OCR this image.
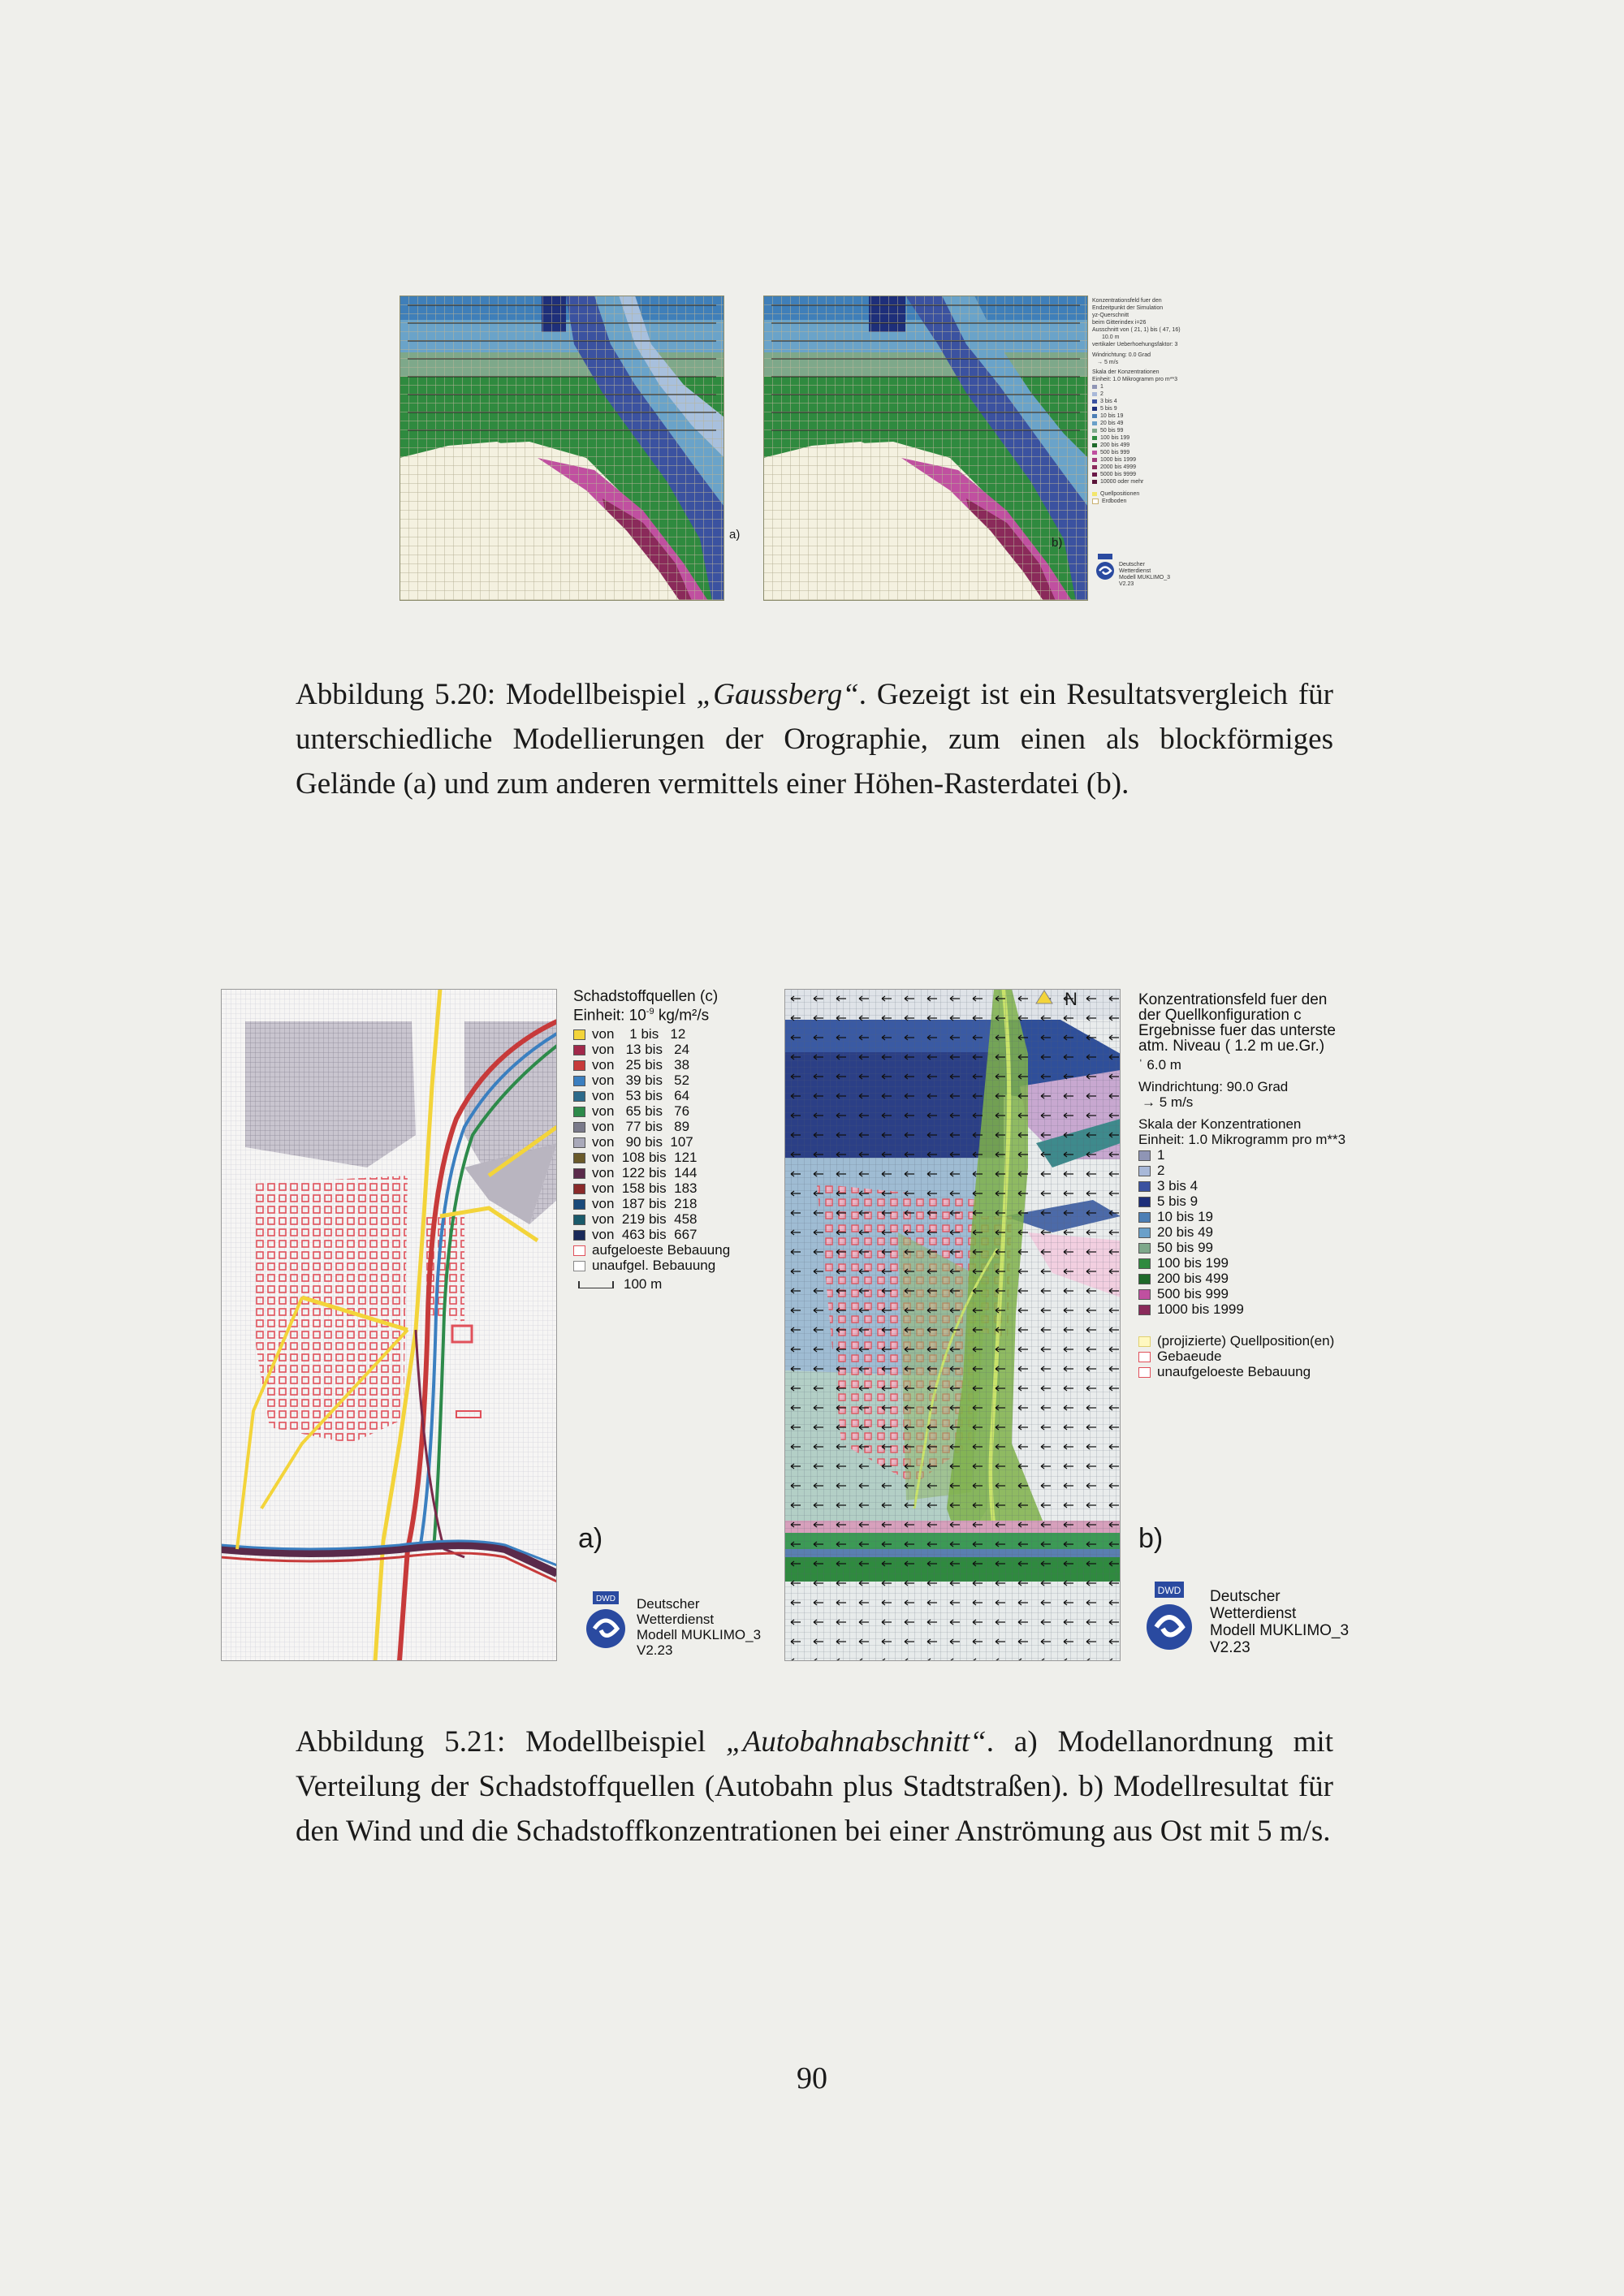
a)
b)
Konzentrationsfeld fuer den
Endzeitpunkt der Simulation
yz-Querschnitt
beim Gitterindex i=26
Ausschnitt von ( 21, 1) bis ( 47, 16)
10.0 m
vertikaler Ueberhoehungsfaktor: 3
Windrichtung: 0.0 Grad
→ 5 m/s
Skala der Konzentrationen
Einheit: 1.0 Mikrogramm pro m**3
1
2
3 bis 4
5 bis 9
10 bis 19
20 bis 49
50 bis 99
100 bis 199
200 bis 499
500 bis 999
1000 bis 1999
2000 bis 4999
5000 bis 9999
10000 oder mehr
Quellpositionen
Erdboden
Deutscher
Wetterdienst
Modell MUKLIMO_3
V2.23
Abbildung 5.20: Modellbeispiel „Gaussberg“. Gezeigt ist ein Resultatsvergleich für unterschiedliche Modellierungen der Orographie, zum einen als blockförmiges Gelände (a) und zum anderen vermittels einer Höhen-Rasterdatei (b).
Schadstoffquellen (c)
Einheit: $10^{-9}$ kg/m²/s
von    1 bis   12
von   13 bis   24
von   25 bis   38
von   39 bis   52
von   53 bis   64
von   65 bis   76
von   77 bis   89
von   90 bis  107
von  108 bis  121
von  122 bis  144
von  158 bis  183
von  187 bis  218
von  219 bis  458
von  463 bis  667
aufgeloeste Bebauung
unaufgel. Bebauung
100 m
a)
DWD Deutscher
Wetterdienst
Modell MUKLIMO_3
V2.23
N	Konzentrationsfeld fuer den
der Quellkonfiguration c
Ergebnisse fuer das unterste
atm. Niveau ( 1.2 m ue.Gr.)
ˈ 6.0 m
Windrichtung: 90.0 Grad
→ 5 m/s
Skala der Konzentrationen
Einheit: 1.0 Mikrogramm pro m**3
1
2
3 bis 4
5 bis 9
10 bis 19
20 bis 49
50 bis 99
100 bis 199
200 bis 499
500 bis 999
1000 bis 1999
(projizierte) Quellposition(en)
Gebaeude
unaufgeloeste Bebauung
b)
DWD Deutscher
Wetterdienst
Modell MUKLIMO_3
V2.23
Abbildung 5.21: Modellbeispiel „Autobahnabschnitt“. a) Modellanordnung mit Verteilung der Schadstoffquellen (Autobahn plus Stadtstraßen). b) Modellresultat für den Wind und die Schadstoffkonzentrationen bei einer Anströmung aus Ost mit 5 m/s.
90
